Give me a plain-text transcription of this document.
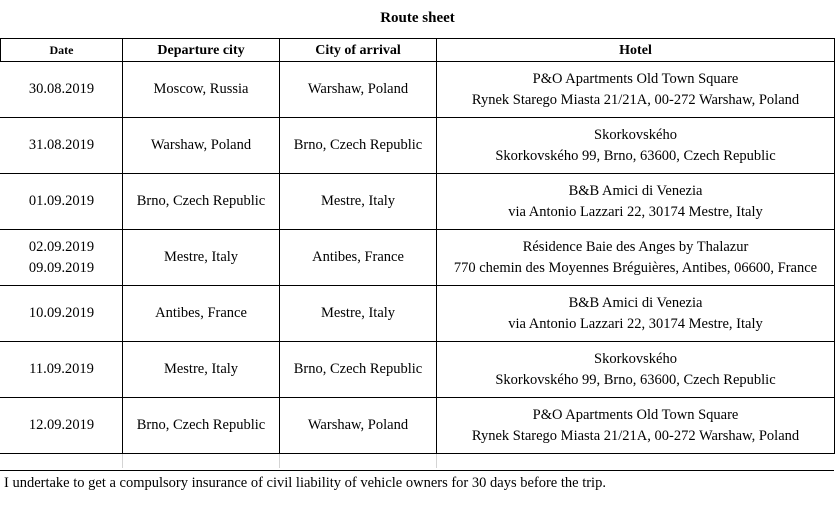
Route sheet
Date	Departure city	City of arrival	Hotel

30.08.2019	Moscow, Russia	Warshaw, Poland	P&O Apartments Old Town Square
Rynek Starego Miasta 21/21A, 00-272 Warshaw, Poland

31.08.2019	Warshaw, Poland	Brno, Czech Republic	Skorkovského
Skorkovského 99, Brno, 63600, Czech Republic

01.09.2019	Brno, Czech Republic	Mestre, Italy	B&B Amici di Venezia
via Antonio Lazzari 22, 30174 Mestre, Italy

02.09.2019
09.09.2019	Mestre, Italy	Antibes, France	Résidence Baie des Anges by Thalazur
770 chemin des Moyennes Bréguières, Antibes, 06600, France

10.09.2019	Antibes, France	Mestre, Italy	B&B Amici di Venezia
via Antonio Lazzari 22, 30174 Mestre, Italy

11.09.2019	Mestre, Italy	Brno, Czech Republic	Skorkovského
Skorkovského 99, Brno, 63600, Czech Republic

12.09.2019	Brno, Czech Republic	Warshaw, Poland	P&O Apartments Old Town Square
Rynek Starego Miasta 21/21A, 00-272 Warshaw, Poland

I undertake to get a compulsory insurance of civil liability of vehicle owners for 30 days before the trip.
